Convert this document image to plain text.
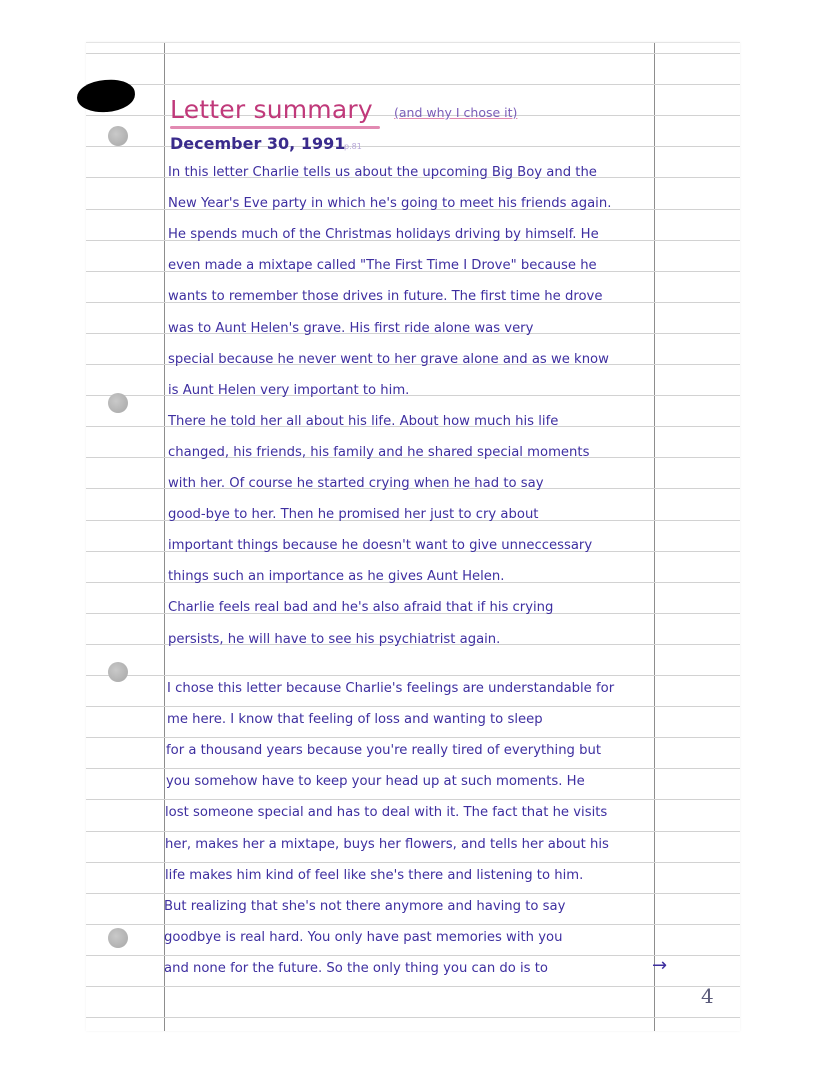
Letter summary (and why I chose it)
December 30, 1991
p.81
In this letter Charlie tells us about the upcoming Big Boy and the
New Year's Eve party in which he's going to meet his friends again.
He spends much of the Christmas holidays driving by himself. He
even made a mixtape called "The First Time I Drove" because he
wants to remember those drives in future. The first time he drove
was to Aunt Helen's grave. His first ride alone was very
special because he never went to her grave alone and as we know
is Aunt Helen very important to him.
There he told her all about his life. About how much his life
changed, his friends, his family and he shared special moments
with her. Of course he started crying when he had to say
good-bye to her. Then he promised her just to cry about
important things because he doesn't want to give unneccessary
things such an importance as he gives Aunt Helen.
Charlie feels real bad and he's also afraid that if his crying
persists, he will have to see his psychiatrist again.
I chose this letter because Charlie's feelings are understandable for
me here. I know that feeling of loss and wanting to sleep
for a thousand years because you're really tired of everything but
you somehow have to keep your head up at such moments. He
lost someone special and has to deal with it. The fact that he visits
her, makes her a mixtape, buys her flowers, and tells her about his
life makes him kind of feel like she's there and listening to him.
But realizing that she's not there anymore and having to say
goodbye is real hard. You only have past memories with you
and none for the future. So the only thing you can do is to	→
4
